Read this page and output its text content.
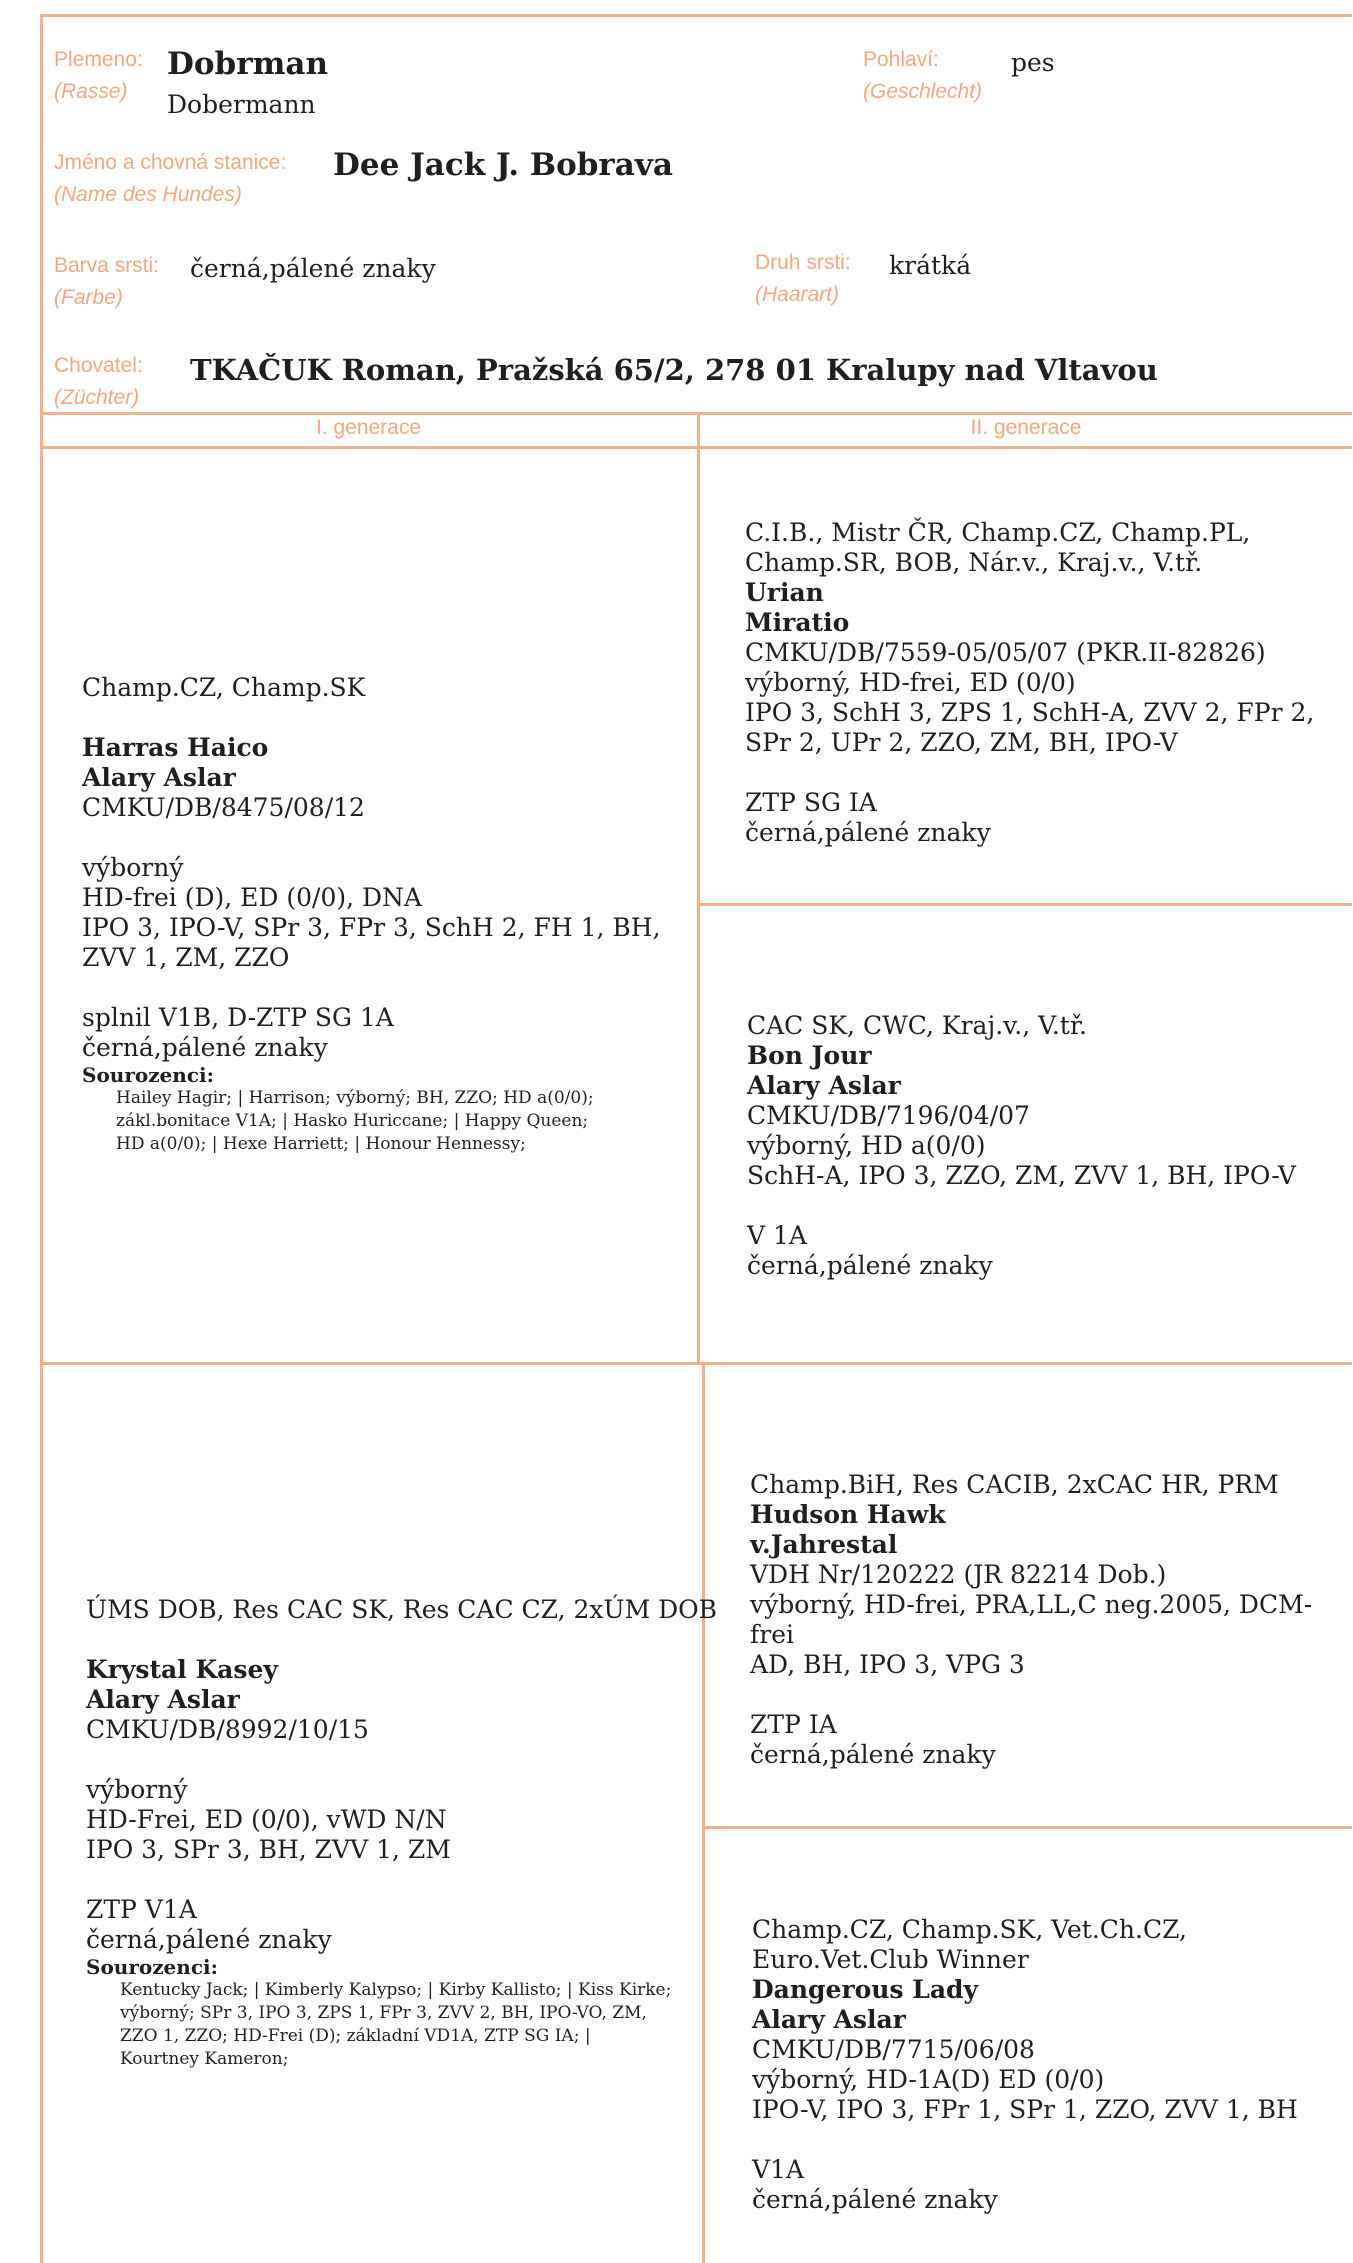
Plemeno:
(Rasse)
Dobrman
Dobermann
Pohlaví:
(Geschlecht)
pes
Jméno a chovná stanice:
(Name des Hundes)
Dee Jack J. Bobrava
Barva srsti:
(Farbe)
černá,pálené znaky	Druh srsti:
(Haarart)
krátká
Chovatel:
(Züchter)
TKAČUK Roman, Pražská 65/2, 278 01 Kralupy nad Vltavou
I. generace	II. generace
Champ.CZ, Champ.SK
Harras Haico
Alary Aslar
CMKU/DB/8475/08/12
výborný
HD-frei (D), ED (0/0), DNA
IPO 3, IPO-V, SPr 3, FPr 3, SchH 2, FH 1, BH,
ZVV 1, ZM, ZZO
splnil V1B, D-ZTP SG 1A
černá,pálené znaky
Sourozenci:
Hailey Hagir; | Harrison; výborný; BH, ZZO; HD a(0/0);
zákl.bonitace V1A; | Hasko Huriccane; | Happy Queen;
HD a(0/0); | Hexe Harriett; | Honour Hennessy;
C.I.B., Mistr ČR, Champ.CZ, Champ.PL,
Champ.SR, BOB, Nár.v., Kraj.v., V.tř.
Urian
Miratio
CMKU/DB/7559-05/05/07 (PKR.II-82826)
výborný, HD-frei, ED (0/0)
IPO 3, SchH 3, ZPS 1, SchH-A, ZVV 2, FPr 2,
SPr 2, UPr 2, ZZO, ZM, BH, IPO-V
ZTP SG IA
černá,pálené znaky
CAC SK, CWC, Kraj.v., V.tř.
Bon Jour
Alary Aslar
CMKU/DB/7196/04/07
výborný, HD a(0/0)
SchH-A, IPO 3, ZZO, ZM, ZVV 1, BH, IPO-V
V 1A
černá,pálené znaky
ÚMS DOB, Res CAC SK, Res CAC CZ, 2xÚM DOB
Krystal Kasey
Alary Aslar
CMKU/DB/8992/10/15
výborný
HD-Frei, ED (0/0), vWD N/N
IPO 3, SPr 3, BH, ZVV 1, ZM
ZTP V1A
černá,pálené znaky
Sourozenci:
Kentucky Jack; | Kimberly Kalypso; | Kirby Kallisto; | Kiss Kirke;
výborný; SPr 3, IPO 3, ZPS 1, FPr 3, ZVV 2, BH, IPO-VO, ZM,
ZZO 1, ZZO; HD-Frei (D); základní VD1A, ZTP SG IA; |
Kourtney Kameron;
Champ.BiH, Res CACIB, 2xCAC HR, PRM
Hudson Hawk
v.Jahrestal
VDH Nr/120222 (JR 82214 Dob.)
výborný, HD-frei, PRA,LL,C neg.2005, DCM-frei
AD, BH, IPO 3, VPG 3
ZTP IA
černá,pálené znaky
Champ.CZ, Champ.SK, Vet.Ch.CZ,
Euro.Vet.Club Winner
Dangerous Lady
Alary Aslar
CMKU/DB/7715/06/08
výborný, HD-1A(D) ED (0/0)
IPO-V, IPO 3, FPr 1, SPr 1, ZZO, ZVV 1, BH
V1A
černá,pálené znaky
